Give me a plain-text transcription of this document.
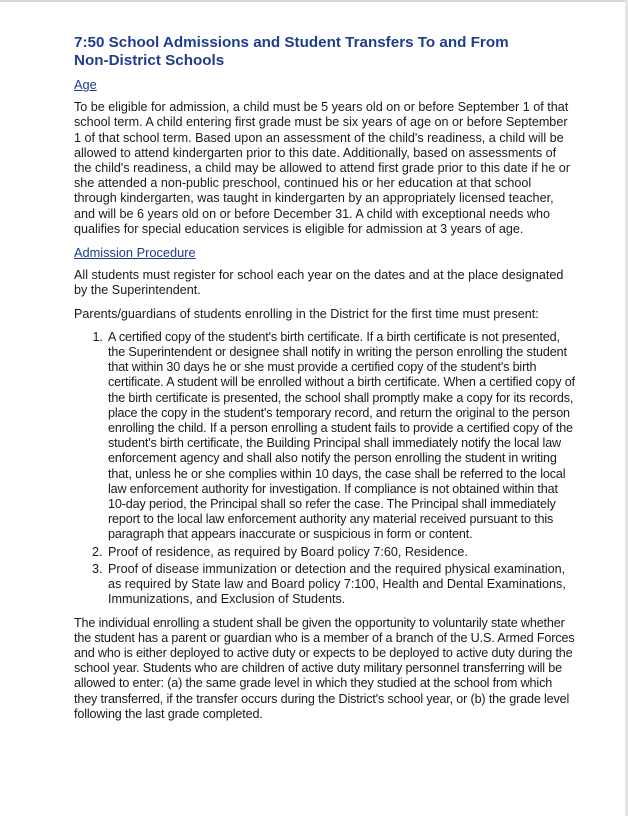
7:50 School Admissions and Student Transfers To and From Non-District Schools
Age

To be eligible for admission, a child must be 5 years old on or before September 1 of that school term. A child entering first grade must be six years of age on or before September 1 of that school term. Based upon an assessment of the child's readiness, a child will be allowed to attend kindergarten prior to this date. Additionally, based on assessments of the child's readiness, a child may be allowed to attend first grade prior to this date if he or she attended a non-public preschool, continued his or her education at that school through kindergarten, was taught in kindergarten by an appropriately licensed teacher, and will be 6 years old on or before December 31. A child with exceptional needs who qualifies for special education services is eligible for admission at 3 years of age.

Admission Procedure

All students must register for school each year on the dates and at the place designated by the Superintendent.

Parents/guardians of students enrolling in the District for the first time must present:

1. A certified copy of the student's birth certificate. If a birth certificate is not presented, the Superintendent or designee shall notify in writing the person enrolling the student that within 30 days he or she must provide a certified copy of the student's birth certificate. A student will be enrolled without a birth certificate. When a certified copy of the birth certificate is presented, the school shall promptly make a copy for its records, place the copy in the student's temporary record, and return the original to the person enrolling the child. If a person enrolling a student fails to provide a certified copy of the student's birth certificate, the Building Principal shall immediately notify the local law enforcement agency and shall also notify the person enrolling the student in writing that, unless he or she complies within 10 days, the case shall be referred to the local law enforcement authority for investigation. If compliance is not obtained within that 10-day period, the Principal shall so refer the case. The Principal shall immediately report to the local law enforcement authority any material received pursuant to this paragraph that appears inaccurate or suspicious in form or content.
2. Proof of residence, as required by Board policy 7:60, Residence.
3. Proof of disease immunization or detection and the required physical examination, as required by State law and Board policy 7:100, Health and Dental Examinations, Immunizations, and Exclusion of Students.

The individual enrolling a student shall be given the opportunity to voluntarily state whether the student has a parent or guardian who is a member of a branch of the U.S. Armed Forces and who is either deployed to active duty or expects to be deployed to active duty during the school year. Students who are children of active duty military personnel transferring will be allowed to enter: (a) the same grade level in which they studied at the school from which they transferred, if the transfer occurs during the District's school year, or (b) the grade level following the last grade completed.
